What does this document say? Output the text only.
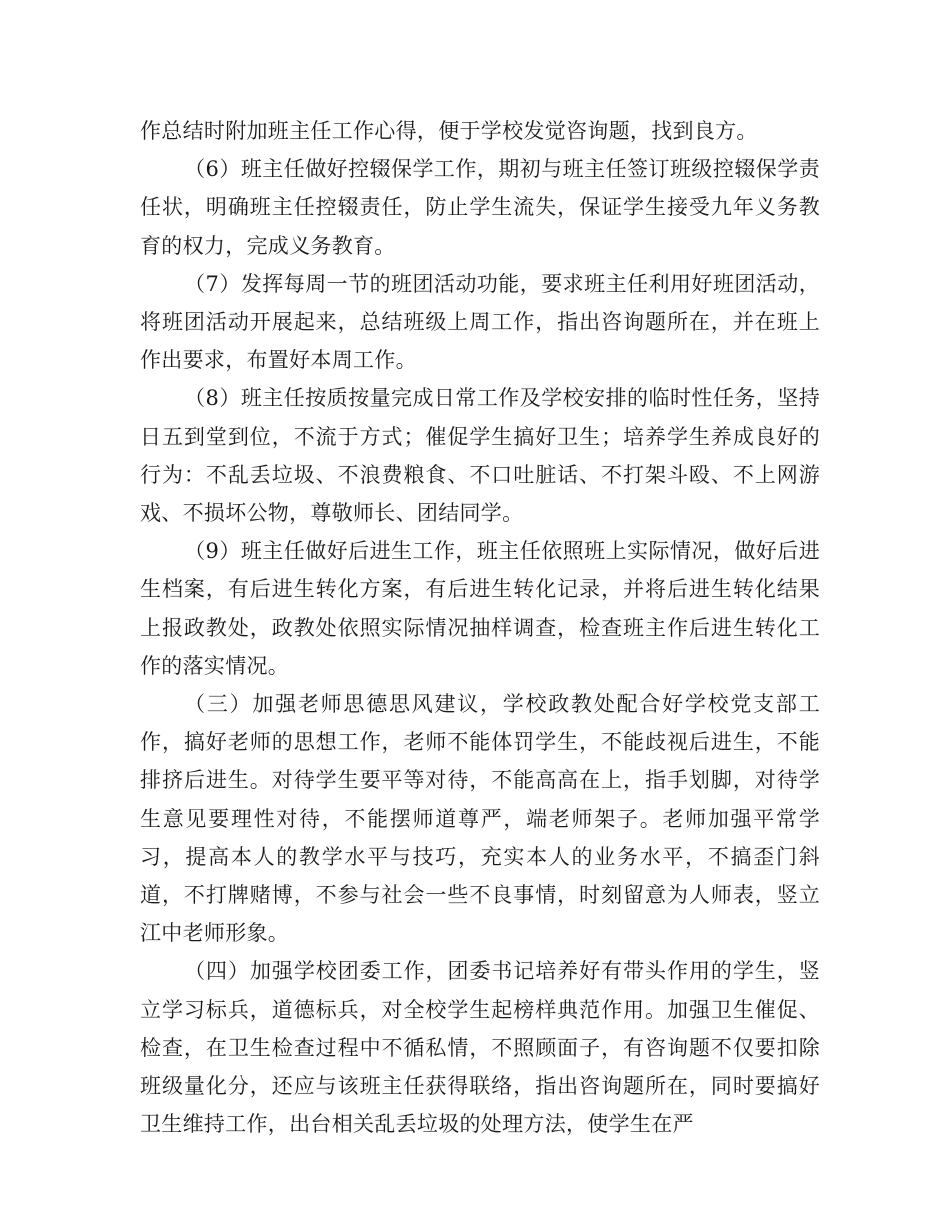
作总结时附加班主任工作心得，便于学校发觉咨询题，找到良方。

（6）班主任做好控辍保学工作，期初与班主任签订班级控辍保学责任状，明确班主任控辍责任，防止学生流失，保证学生接受九年义务教育的权力，完成义务教育。

（7）发挥每周一节的班团活动功能，要求班主任利用好班团活动，将班团活动开展起来，总结班级上周工作，指出咨询题所在，并在班上作出要求，布置好本周工作。

（8）班主任按质按量完成日常工作及学校安排的临时性任务，坚持日五到堂到位，不流于方式；催促学生搞好卫生；培养学生养成良好的行为：不乱丢垃圾、不浪费粮食、不口吐脏话、不打架斗殴、不上网游戏、不损坏公物，尊敬师长、团结同学。

（9）班主任做好后进生工作，班主任依照班上实际情况，做好后进生档案，有后进生转化方案，有后进生转化记录，并将后进生转化结果上报政教处，政教处依照实际情况抽样调查，检查班主作后进生转化工作的落实情况。

（三）加强老师思德思风建议，学校政教处配合好学校党支部工作，搞好老师的思想工作，老师不能体罚学生，不能歧视后进生，不能排挤后进生。对待学生要平等对待，不能高高在上，指手划脚，对待学生意见要理性对待，不能摆师道尊严，端老师架子。老师加强平常学习，提高本人的教学水平与技巧，充实本人的业务水平，不搞歪门斜道，不打牌赌博，不参与社会一些不良事情，时刻留意为人师表，竖立江中老师形象。

（四）加强学校团委工作，团委书记培养好有带头作用的学生，竖立学习标兵，道德标兵，对全校学生起榜样典范作用。加强卫生催促、检查，在卫生检查过程中不循私情，不照顾面子，有咨询题不仅要扣除班级量化分，还应与该班主任获得联络，指出咨询题所在，同时要搞好卫生维持工作，出台相关乱丢垃圾的处理方法，使学生在严
